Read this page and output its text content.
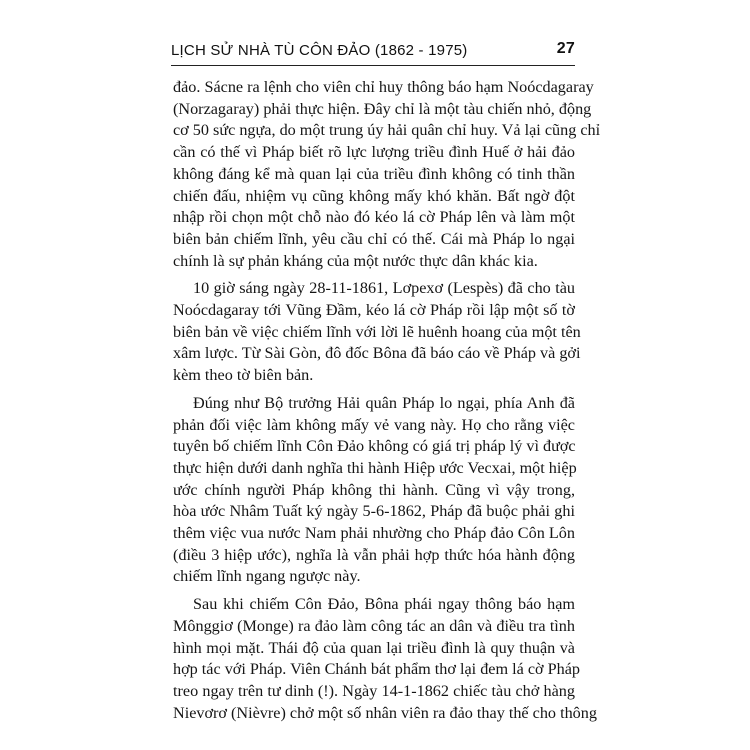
LỊCH SỬ NHÀ TÙ CÔN ĐẢO (1862 - 1975)	27

đảo. Sácne ra lệnh cho viên chỉ huy thông báo hạm Noócdagaray
(Norzagaray) phải thực hiện. Đây chỉ là một tàu chiến nhỏ, động
cơ 50 sức ngựa, do một trung úy hải quân chỉ huy. Vả lại cũng chỉ
cần có thế vì Pháp biết rõ lực lượng triều đình Huế ở hải đảo
không đáng kể mà quan lại của triều đình không có tinh thần
chiến đấu, nhiệm vụ cũng không mấy khó khăn. Bất ngờ đột
nhập rồi chọn một chỗ nào đó kéo lá cờ Pháp lên và làm một
biên bản chiếm lĩnh, yêu cầu chỉ có thế. Cái mà Pháp lo ngại
chính là sự phản kháng của một nước thực dân khác kia.

10 giờ sáng ngày 28-11-1861, Lơpexơ (Lespès) đã cho tàu
Noócdagaray tới Vũng Đầm, kéo lá cờ Pháp rồi lập một số tờ
biên bản về việc chiếm lĩnh với lời lẽ huênh hoang của một tên
xâm lược. Từ Sài Gòn, đô đốc Bôna đã báo cáo về Pháp và gởi
kèm theo tờ biên bản.

Đúng như Bộ trưởng Hải quân Pháp lo ngại, phía Anh đã
phản đối việc làm không mấy vẻ vang này. Họ cho rằng việc
tuyên bố chiếm lĩnh Côn Đảo không có giá trị pháp lý vì được
thực hiện dưới danh nghĩa thi hành Hiệp ước Vecxai, một hiệp
ước chính người Pháp không thi hành. Cũng vì vậy trong,
hòa ước Nhâm Tuất ký ngày 5-6-1862, Pháp đã buộc phải ghi
thêm việc vua nước Nam phải nhường cho Pháp đảo Côn Lôn
(điều 3 hiệp ước), nghĩa là vẫn phải hợp thức hóa hành động
chiếm lĩnh ngang ngược này.

Sau khi chiếm Côn Đảo, Bôna phái ngay thông báo hạm
Mônggiơ (Monge) ra đảo làm công tác an dân và điều tra tình
hình mọi mặt. Thái độ của quan lại triều đình là quy thuận và
hợp tác với Pháp. Viên Chánh bát phẩm thơ lại đem lá cờ Pháp
treo ngay trên tư dinh (!). Ngày 14-1-1862 chiếc tàu chở hàng
Nievơrơ (Nièvre) chở một số nhân viên ra đảo thay thế cho thông
